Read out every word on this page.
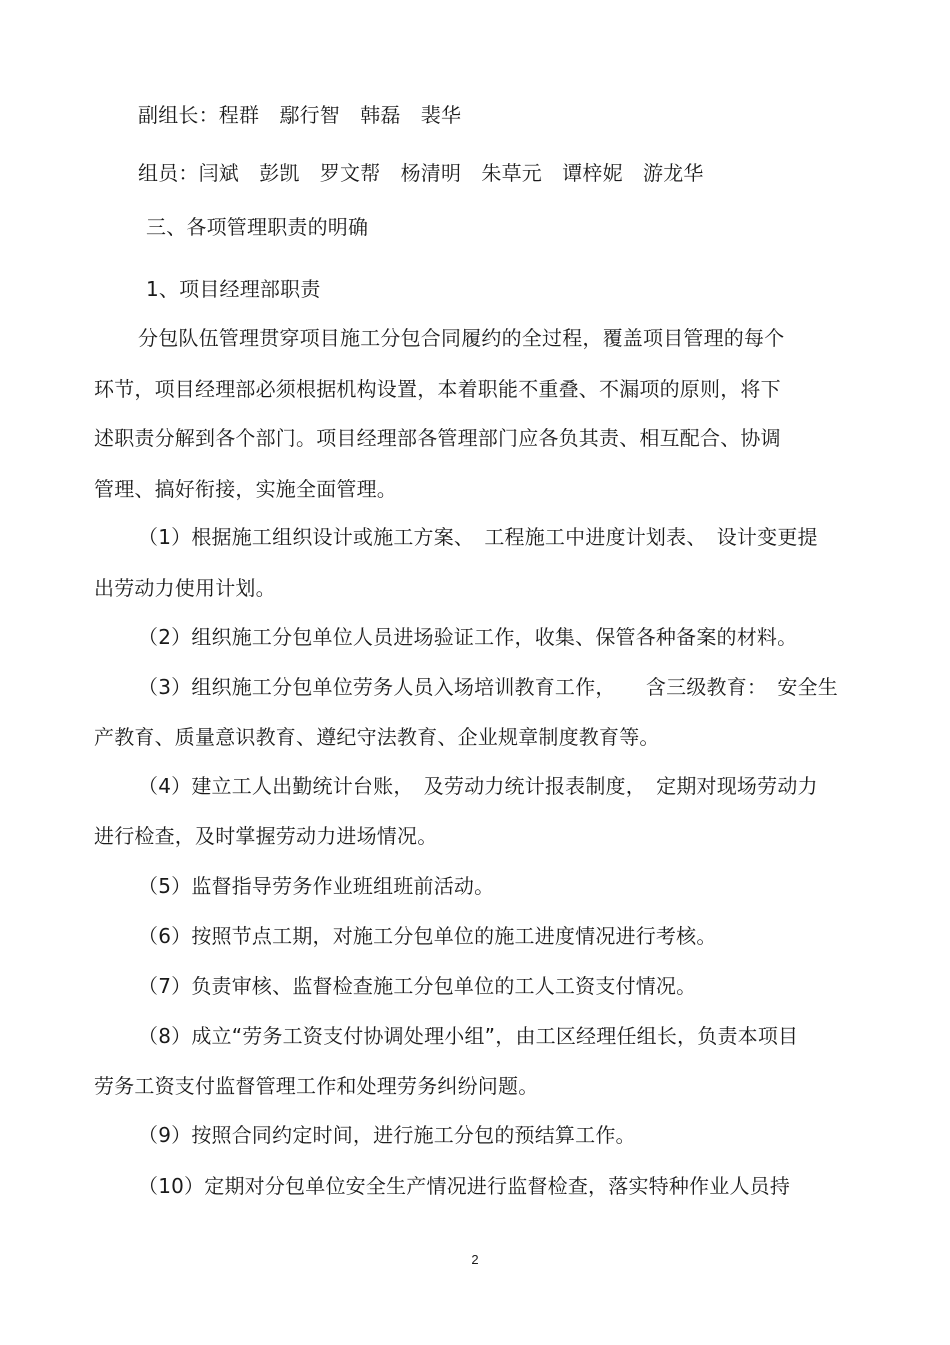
副组长：程群　鄢行智　韩磊　裴华
组员：闫斌　彭凯　罗文帮　杨清明　朱草元　谭梓妮　游龙华
三、各项管理职责的明确
1、项目经理部职责
分包队伍管理贯穿项目施工分包合同履约的全过程，覆盖项目管理的每个
环节，项目经理部必须根据机构设置，本着职能不重叠、不漏项的原则，将下
述职责分解到各个部门。项目经理部各管理部门应各负其责、相互配合、协调
管理、搞好衔接，实施全面管理。
（1）根据施工组织设计或施工方案、　工程施工中进度计划表、　设计变更提
出劳动力使用计划。
（2）组织施工分包单位人员进场验证工作，收集、保管各种备案的材料。
（3）组织施工分包单位劳务人员入场培训教育工作，　　含三级教育：　安全生
产教育、质量意识教育、遵纪守法教育、企业规章制度教育等。
（4）建立工人出勤统计台账，　及劳动力统计报表制度，　定期对现场劳动力
进行检查，及时掌握劳动力进场情况。
（5）监督指导劳务作业班组班前活动。
（6）按照节点工期，对施工分包单位的施工进度情况进行考核。
（7）负责审核、监督检查施工分包单位的工人工资支付情况。
（8）成立“劳务工资支付协调处理小组”，由工区经理任组长，负责本项目
劳务工资支付监督管理工作和处理劳务纠纷问题。
（9）按照合同约定时间，进行施工分包的预结算工作。
（10）定期对分包单位安全生产情况进行监督检查，落实特种作业人员持
2
